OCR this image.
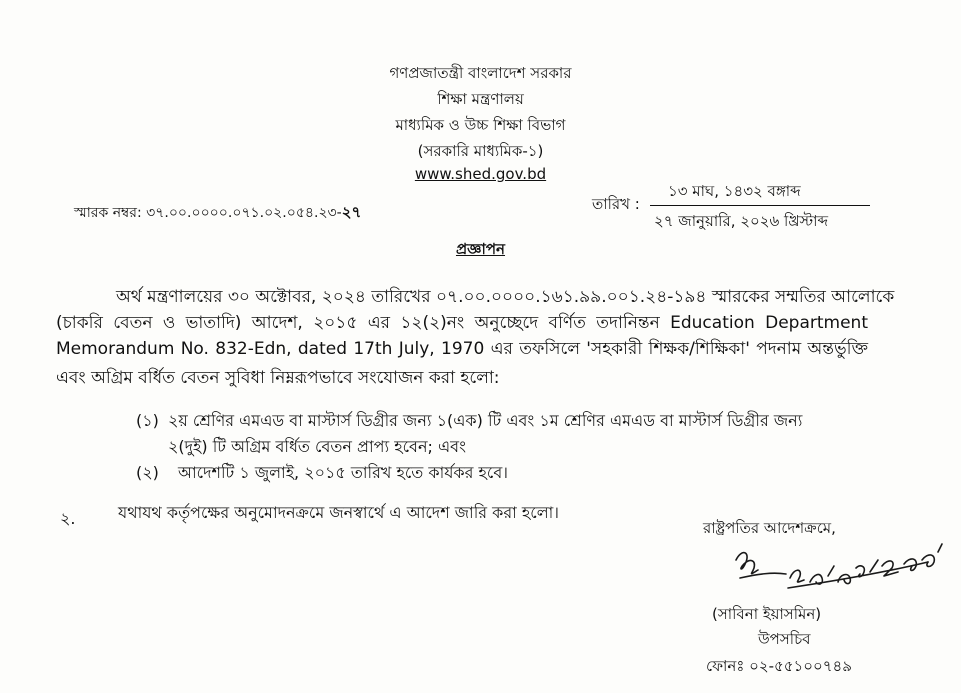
গণপ্রজাতন্ত্রী বাংলাদেশ সরকার
শিক্ষা মন্ত্রণালয়
মাধ্যমিক ও উচ্চ শিক্ষা বিভাগ
(সরকারি মাধ্যমিক-১)
www.shed.gov.bd
স্মারক নম্বর: ৩৭.০০.০০০০.০৭১.০২.০৫৪.২৩-২৭	তারিখ :
১৩ মাঘ, ১৪৩২ বঙ্গাব্দ
২৭ জানুয়ারি, ২০২৬ খ্রিস্টাব্দ
প্রজ্ঞাপন
অর্থ মন্ত্রণালয়ের ৩০ অক্টোবর, ২০২৪ তারিখের ০৭.০০.০০০০.১৬১.৯৯.০০১.২৪-১৯৪ স্মারকের সম্মতির আলোকে
(চাকরি বেতন ও ভাতাদি) আদেশ, ২০১৫ এর ১২(২)নং অনুচ্ছেদে বর্ণিত তদানিন্তন Education Department
Memorandum No. 832-Edn, dated 17th July, 1970 এর তফসিলে 'সহকারী শিক্ষক/শিক্ষিকা' পদনাম অন্তর্ভুক্তি
এবং অগ্রিম বর্ধিত বেতন সুবিধা নিম্নরূপভাবে সংযোজন করা হলো:
(১) ২য় শ্রেণির এমএড বা মাস্টার্স ডিগ্রীর জন্য ১(এক) টি এবং ১ম শ্রেণির এমএড বা মাস্টার্স ডিগ্রীর জন্য
২(দুই) টি অগ্রিম বর্ধিত বেতন প্রাপ্য হবেন; এবং
(২) আদেশটি ১ জুলাই, ২০১৫ তারিখ হতে কার্যকর হবে।
২.	যথাযথ কর্তৃপক্ষের অনুমোদনক্রমে জনস্বার্থে এ আদেশ জারি করা হলো।
রাষ্ট্রপতির আদেশক্রমে,
(সাবিনা ইয়াসমিন)
উপসচিব
ফোনঃ ০২-৫৫১০০৭৪৯
